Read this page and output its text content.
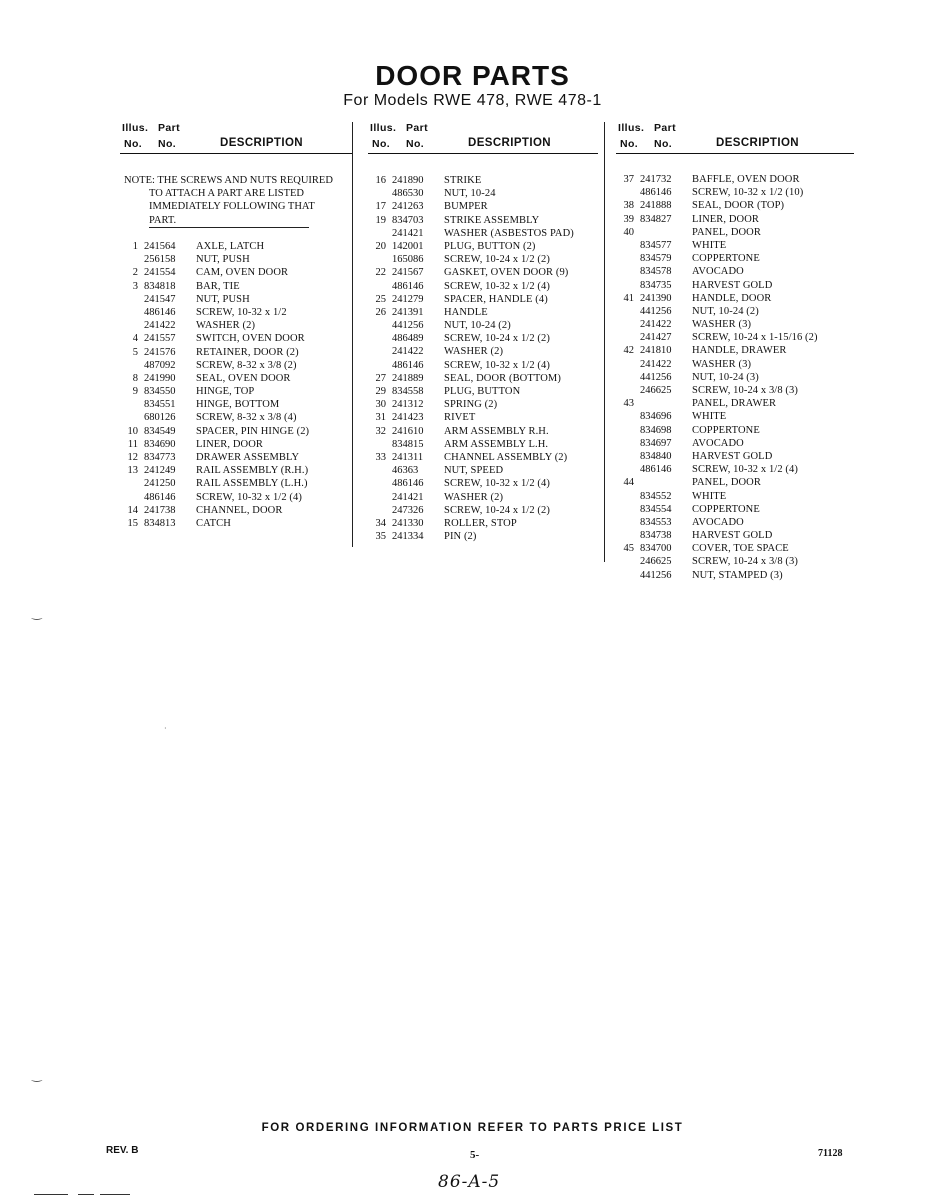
DOOR PARTS
For Models RWE 478, RWE 478-1
Illus. Part
No. No.	DESCRIPTION
NOTE: THE SCREWS AND NUTS REQUIRED
TO ATTACH A PART ARE LISTED
IMMEDIATELY FOLLOWING THAT
PART.
1 241564	AXLE, LATCH
256158	NUT, PUSH
2 241554	CAM, OVEN DOOR
3 834818	BAR, TIE
241547	NUT, PUSH
486146	SCREW, 10-32 x 1/2
241422	WASHER (2)
4 241557	SWITCH, OVEN DOOR
5 241576	RETAINER, DOOR (2)
487092	SCREW, 8-32 x 3/8 (2)
8 241990	SEAL, OVEN DOOR
9 834550	HINGE, TOP
834551	HINGE, BOTTOM
680126	SCREW, 8-32 x 3/8 (4)
10 834549	SPACER, PIN HINGE (2)
11 834690	LINER, DOOR
12 834773	DRAWER ASSEMBLY
13 241249	RAIL ASSEMBLY (R.H.)
241250	RAIL ASSEMBLY (L.H.)
486146	SCREW, 10-32 x 1/2 (4)
14 241738	CHANNEL, DOOR
15 834813	CATCH
Illus. Part
No. No.	DESCRIPTION
16 241890	STRIKE
486530	NUT, 10-24
17 241263	BUMPER
19 834703	STRIKE ASSEMBLY
241421	WASHER (ASBESTOS PAD)
20 142001	PLUG, BUTTON (2)
165086	SCREW, 10-24 x 1/2 (2)
22 241567	GASKET, OVEN DOOR (9)
486146	SCREW, 10-32 x 1/2 (4)
25 241279	SPACER, HANDLE (4)
26 241391	HANDLE
441256	NUT, 10-24 (2)
486489	SCREW, 10-24 x 1/2 (2)
241422	WASHER (2)
486146	SCREW, 10-32 x 1/2 (4)
27 241889	SEAL, DOOR (BOTTOM)
29 834558	PLUG, BUTTON
30 241312	SPRING (2)
31 241423	RIVET
32 241610	ARM ASSEMBLY R.H.
834815	ARM ASSEMBLY L.H.
33 241311	CHANNEL ASSEMBLY (2)
46363	NUT, SPEED
486146	SCREW, 10-32 x 1/2 (4)
241421	WASHER (2)
247326	SCREW, 10-24 x 1/2 (2)
34 241330	ROLLER, STOP
35 241334	PIN (2)
Illus. Part
No. No.	DESCRIPTION
37 241732	BAFFLE, OVEN DOOR
486146	SCREW, 10-32 x 1/2 (10)
38 241888	SEAL, DOOR (TOP)
39 834827	LINER, DOOR
40	PANEL, DOOR
834577	WHITE
834579	COPPERTONE
834578	AVOCADO
834735	HARVEST GOLD
41 241390	HANDLE, DOOR
441256	NUT, 10-24 (2)
241422	WASHER (3)
241427	SCREW, 10-24 x 1-15/16 (2)
42 241810	HANDLE, DRAWER
241422	WASHER (3)
441256	NUT, 10-24 (3)
246625	SCREW, 10-24 x 3/8 (3)
43	PANEL, DRAWER
834696	WHITE
834698	COPPERTONE
834697	AVOCADO
834840	HARVEST GOLD
486146	SCREW, 10-32 x 1/2 (4)
44	PANEL, DOOR
834552	WHITE
834554	COPPERTONE
834553	AVOCADO
834738	HARVEST GOLD
45 834700	COVER, TOE SPACE
246625	SCREW, 10-24 x 3/8 (3)
441256	NUT, STAMPED (3)
‿
·
‿
FOR ORDERING INFORMATION REFER TO PARTS PRICE LIST
REV. B	5-	71128
86-A-5
